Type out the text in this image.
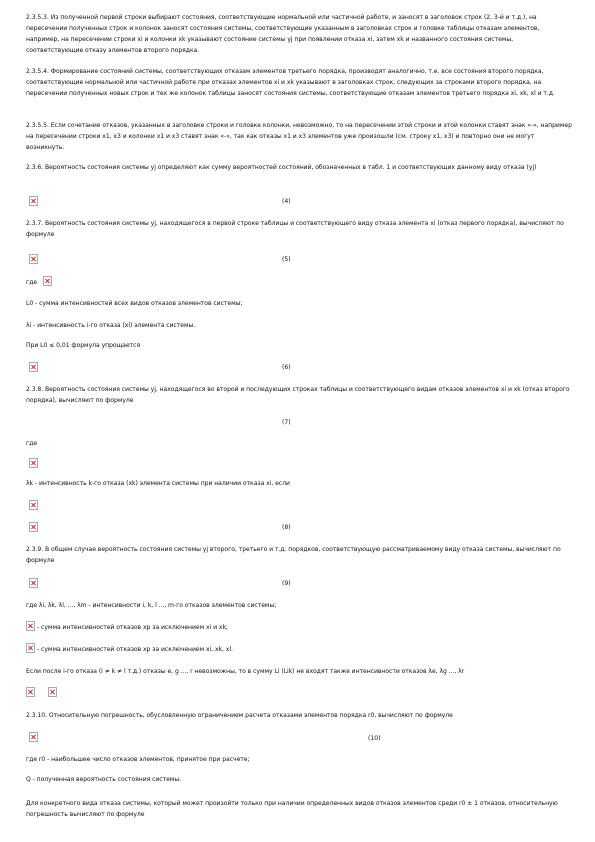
2.3.5.3. Из полученной первой строки выбирают состояния, соответствующие нормальной или частичной работе, и заносят в заголовок строк (2, 3-й и т.д.), на пересечении полученных строк и колонок заносят состояния системы, соответствующие указанным в заголовках строк и головке таблицы отказам элементов, например, на пересечении строки xi и колонки xk указывают состояние системы yj при появлении отказа xi, затем xk и названного состояния системы, соответствующие отказу элементов второго порядка.
2.3.5.4. Формирование состояний системы, соответствующих отказам элементов третьего порядка, производят аналогично, т.е. все состояния второго порядка, соответствующие нормальной или частичной работе при отказах элементов xi и xk указывают в заголовках строк, следующих за строками второго порядка, на пересечении полученных новых строк и тех же колонок таблицы заносят состояния системы, соответствующие отказам элементов третьего порядка xi, xk, xl и т.д.
2.3.5.5. Если сочетание отказов, указанных в заголовке строки и головке колонки, невозможно, то на пересечении этой строки и этой колонки ставят знак «-», например на пересечении строки x1, x3 и колонки x1 и x3 ставят знак «-», так как отказы x1 и x3 элементов уже произошли (см. строку x1, x3) и повторно они не могут возникнуть.
2.3.6. Вероятность состояния системы yj определяют как сумму вероятностей состояний, обозначенных в табл. 1 и соответствующих данному виду отказа (yj)
(4)
2.3.7. Вероятность состояния системы yj, находящегося в первой строке таблицы и соответствующего виду отказа элемента xi (отказ первого порядка), вычисляют по формуле
(5)
где
L0 - сумма интенсивностей всех видов отказов элементов системы;
λi - интенсивность i-го отказа (xi) элемента системы.
При L0 ≤ 0,01 формула упрощается
(6)
2.3.8. Вероятность состояния системы yj, находящегося во второй и последующих строках таблицы и соответствующего видам отказов элементов xi и xk (отказ второго порядка), вычисляют по формуле
(7)
где
λk - интенсивность k-го отказа (xk) элемента системы при наличии отказа xi, если
(8)
2.3.9. В общем случае вероятность состояния системы yj второго, третьего и т.д. порядков, соответствующую рассматриваемому виду отказа системы, вычисляют по формуле
(9)
где λi, λk, λl, ..., λm - интенсивности i, k, l ..., m-го отказов элементов системы;
- сумма интенсивностей отказов xp за исключением xi и xk;
- сумма интенсивностей отказов xp за исключением xi, xk, xl.
Если после i-го отказа (i ≠ k ≠ l т.д.) отказы e, g ..., r невозможны, то в сумму Li (Lik) не входят также интенсивности отказов λe, λg ..., λr
2.3.10. Относительную погрешность, обусловленную ограничением расчета отказами элементов порядка r0, вычисляют по формуле
(10)
где r0 - наибольшее число отказов элементов, принятое при расчете;
Q - полученная вероятность состояния системы.
Для конкретного вида отказа системы, который может произойти только при наличии определенных видов отказов элементов среди r0 ± 1 отказов, относительную погрешность вычисляют по формуле
